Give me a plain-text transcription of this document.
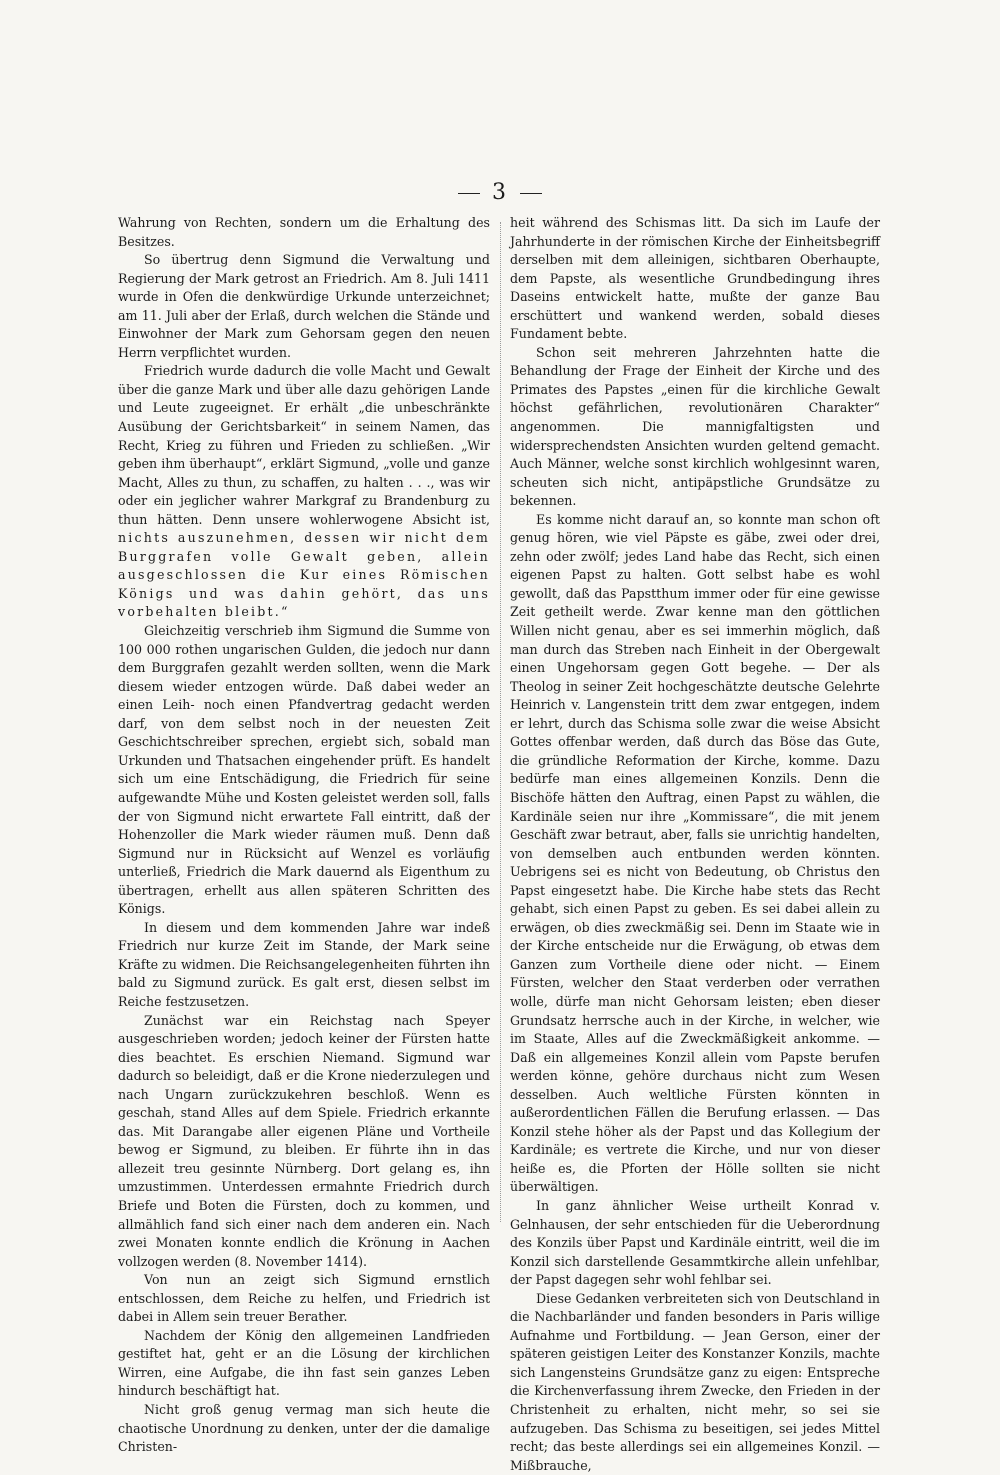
3

Wahrung von Rechten, sondern um die Erhaltung des Besitzes.

So übertrug denn Sigmund die Verwaltung und Regierung der Mark getrost an Friedrich. Am 8. Juli 1411 wurde in Ofen die denkwürdige Urkunde unterzeichnet; am 11. Juli aber der Erlaß, durch welchen die Stände und Einwohner der Mark zum Gehorsam gegen den neuen Herrn verpflichtet wurden.

Friedrich wurde dadurch die volle Macht und Gewalt über die ganze Mark und über alle dazu gehörigen Lande und Leute zugeeignet. Er erhält „die unbeschränkte Ausübung der Gerichtsbarkeit“ in seinem Namen, das Recht, Krieg zu führen und Frieden zu schließen. „Wir geben ihm überhaupt“, erklärt Sigmund, „volle und ganze Macht, Alles zu thun, zu schaffen, zu halten . . ., was wir oder ein jeglicher wahrer Markgraf zu Brandenburg zu thun hätten. Denn unsere wohlerwogene Absicht ist, nichts auszunehmen, dessen wir nicht dem Burggrafen volle Gewalt geben, allein ausgeschlossen die Kur eines Römischen Königs und was dahin gehört, das uns vorbehalten bleibt.“

Gleichzeitig verschrieb ihm Sigmund die Summe von 100 000 rothen ungarischen Gulden, die jedoch nur dann dem Burggrafen gezahlt werden sollten, wenn die Mark diesem wieder entzogen würde. Daß dabei weder an einen Leih- noch einen Pfandvertrag gedacht werden darf, von dem selbst noch in der neuesten Zeit Geschichtschreiber sprechen, ergiebt sich, sobald man Urkunden und Thatsachen eingehender prüft. Es handelt sich um eine Entschädigung, die Friedrich für seine aufgewandte Mühe und Kosten geleistet werden soll, falls der von Sigmund nicht erwartete Fall eintritt, daß der Hohenzoller die Mark wieder räumen muß. Denn daß Sigmund nur in Rücksicht auf Wenzel es vorläufig unterließ, Friedrich die Mark dauernd als Eigenthum zu übertragen, erhellt aus allen späteren Schritten des Königs.

In diesem und dem kommenden Jahre war indeß Friedrich nur kurze Zeit im Stande, der Mark seine Kräfte zu widmen. Die Reichsangelegenheiten führten ihn bald zu Sigmund zurück. Es galt erst, diesen selbst im Reiche festzusetzen.

Zunächst war ein Reichstag nach Speyer ausgeschrieben worden; jedoch keiner der Fürsten hatte dies beachtet. Es erschien Niemand. Sigmund war dadurch so beleidigt, daß er die Krone niederzulegen und nach Ungarn zurückzukehren beschloß. Wenn es geschah, stand Alles auf dem Spiele. Friedrich erkannte das. Mit Darangabe aller eigenen Pläne und Vortheile bewog er Sigmund, zu bleiben. Er führte ihn in das allezeit treu gesinnte Nürnberg. Dort gelang es, ihn umzustimmen. Unterdessen ermahnte Friedrich durch Briefe und Boten die Fürsten, doch zu kommen, und allmählich fand sich einer nach dem anderen ein. Nach zwei Monaten konnte endlich die Krönung in Aachen vollzogen werden (8. November 1414).

Von nun an zeigt sich Sigmund ernstlich entschlossen, dem Reiche zu helfen, und Friedrich ist dabei in Allem sein treuer Berather.

Nachdem der König den allgemeinen Landfrieden gestiftet hat, geht er an die Lösung der kirchlichen Wirren, eine Aufgabe, die ihn fast sein ganzes Leben hindurch beschäftigt hat.

Nicht groß genug vermag man sich heute die chaotische Unordnung zu denken, unter der die damalige Christen-

heit während des Schismas litt. Da sich im Laufe der Jahrhunderte in der römischen Kirche der Einheitsbegriff derselben mit dem alleinigen, sichtbaren Oberhaupte, dem Papste, als wesentliche Grundbedingung ihres Daseins entwickelt hatte, mußte der ganze Bau erschüttert und wankend werden, sobald dieses Fundament bebte.

Schon seit mehreren Jahrzehnten hatte die Behandlung der Frage der Einheit der Kirche und des Primates des Papstes „einen für die kirchliche Gewalt höchst gefährlichen, revolutionären Charakter“ angenommen. Die mannigfaltigsten und widersprechendsten Ansichten wurden geltend gemacht. Auch Männer, welche sonst kirchlich wohlgesinnt waren, scheuten sich nicht, antipäpstliche Grundsätze zu bekennen.

Es komme nicht darauf an, so konnte man schon oft genug hören, wie viel Päpste es gäbe, zwei oder drei, zehn oder zwölf; jedes Land habe das Recht, sich einen eigenen Papst zu halten. Gott selbst habe es wohl gewollt, daß das Papstthum immer oder für eine gewisse Zeit getheilt werde. Zwar kenne man den göttlichen Willen nicht genau, aber es sei immerhin möglich, daß man durch das Streben nach Einheit in der Obergewalt einen Ungehorsam gegen Gott begehe. — Der als Theolog in seiner Zeit hochgeschätzte deutsche Gelehrte Heinrich v. Langenstein tritt dem zwar entgegen, indem er lehrt, durch das Schisma solle zwar die weise Absicht Gottes offenbar werden, daß durch das Böse das Gute, die gründliche Reformation der Kirche, komme. Dazu bedürfe man eines allgemeinen Konzils. Denn die Bischöfe hätten den Auftrag, einen Papst zu wählen, die Kardinäle seien nur ihre „Kommissare“, die mit jenem Geschäft zwar betraut, aber, falls sie unrichtig handelten, von demselben auch entbunden werden könnten. Uebrigens sei es nicht von Bedeutung, ob Christus den Papst eingesetzt habe. Die Kirche habe stets das Recht gehabt, sich einen Papst zu geben. Es sei dabei allein zu erwägen, ob dies zweckmäßig sei. Denn im Staate wie in der Kirche entscheide nur die Erwägung, ob etwas dem Ganzen zum Vortheile diene oder nicht. — Einem Fürsten, welcher den Staat verderben oder verrathen wolle, dürfe man nicht Gehorsam leisten; eben dieser Grundsatz herrsche auch in der Kirche, in welcher, wie im Staate, Alles auf die Zweckmäßigkeit ankomme. — Daß ein allgemeines Konzil allein vom Papste berufen werden könne, gehöre durchaus nicht zum Wesen desselben. Auch weltliche Fürsten könnten in außerordentlichen Fällen die Berufung erlassen. — Das Konzil stehe höher als der Papst und das Kollegium der Kardinäle; es vertrete die Kirche, und nur von dieser heiße es, die Pforten der Hölle sollten sie nicht überwältigen.

In ganz ähnlicher Weise urtheilt Konrad v. Gelnhausen, der sehr entschieden für die Ueberordnung des Konzils über Papst und Kardinäle eintritt, weil die im Konzil sich darstellende Gesammtkirche allein unfehlbar, der Papst dagegen sehr wohl fehlbar sei.

Diese Gedanken verbreiteten sich von Deutschland in die Nachbarländer und fanden besonders in Paris willige Aufnahme und Fortbildung. — Jean Gerson, einer der späteren geistigen Leiter des Konstanzer Konzils, machte sich Langensteins Grundsätze ganz zu eigen: Entspreche die Kirchenverfassung ihrem Zwecke, den Frieden in der Christenheit zu erhalten, nicht mehr, so sei sie aufzugeben. Das Schisma zu beseitigen, sei jedes Mittel recht; das beste allerdings sei ein allgemeines Konzil. — Mißbrauche,
